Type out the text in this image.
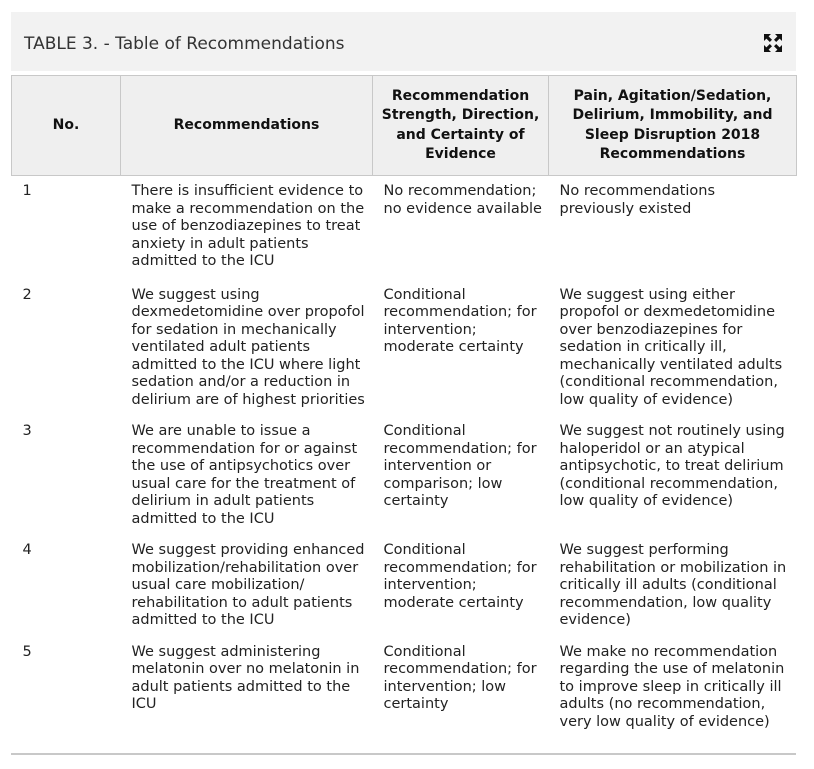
TABLE 3. - Table of Recommendations
No.	Recommendations	Recommendation Strength, Direction, and Certainty of Evidence	Pain, Agitation/Sedation, Delirium, Immobility, and Sleep Disruption 2018 Recommendations
1	There is insufficient evidence to make a recommendation on the use of benzodiazepines to treat anxiety in adult patients admitted to the ICU	No recommendation; no evidence available	No recommendations previously existed
2	We suggest using dexmedetomidine over propofol for sedation in mechanically ventilated adult patients admitted to the ICU where light sedation and/or a reduction in delirium are of highest priorities	Conditional recommendation; for intervention; moderate certainty	We suggest using either propofol or dexmedetomidine over benzodiazepines for sedation in critically ill, mechanically ventilated adults (conditional recommendation, low quality of evidence)
3	We are unable to issue a recommendation for or against the use of antipsychotics over usual care for the treatment of delirium in adult patients admitted to the ICU	Conditional recommendation; for intervention or comparison; low certainty	We suggest not routinely using haloperidol or an atypical antipsychotic, to treat delirium (conditional recommendation, low quality of evidence)
4	We suggest providing enhanced mobilization/rehabilitation over usual care mobilization/ rehabilitation to adult patients admitted to the ICU	Conditional recommendation; for intervention; moderate certainty	We suggest performing rehabilitation or mobilization in critically ill adults (conditional recommendation, low quality evidence)
5	We suggest administering melatonin over no melatonin in adult patients admitted to the ICU	Conditional recommendation; for intervention; low certainty	We make no recommendation regarding the use of melatonin to improve sleep in critically ill adults (no recommendation, very low quality of evidence)
